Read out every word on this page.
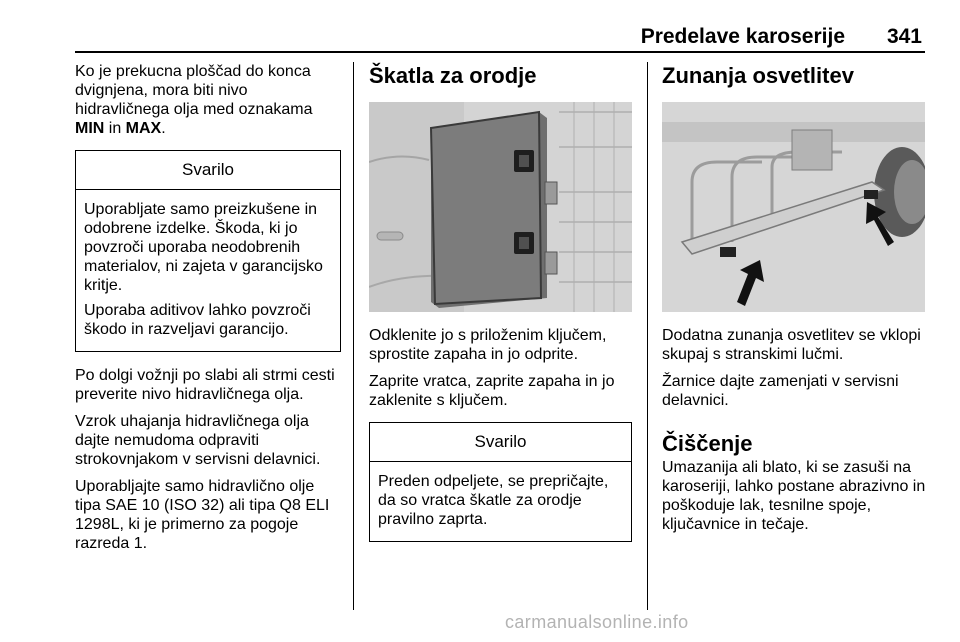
Predelave karoserije 341

Ko je prekucna ploščad do konca dvignjena, mora biti nivo hidravličnega olja med oznakama MIN in MAX.

Svarilo

Uporabljate samo preizkušene in odobrene izdelke. Škoda, ki jo povzroči uporaba neodobrenih materialov, ni zajeta v garancijsko kritje.

Uporaba aditivov lahko povzroči škodo in razveljavi garancijo.

Po dolgi vožnji po slabi ali strmi cesti preverite nivo hidravličnega olja.

Vzrok uhajanja hidravličnega olja dajte nemudoma odpraviti strokovnjakom v servisni delavnici.

Uporabljajte samo hidravlično olje tipa SAE 10 (ISO 32) ali tipa Q8 ELI 1298L, ki je primerno za pogoje razreda 1.

Škatla za orodje

Odklenite jo s priloženim ključem, sprostite zapaha in jo odprite.

Zaprite vratca, zaprite zapaha in jo zaklenite s ključem.

Svarilo

Preden odpeljete, se prepričajte, da so vratca škatle za orodje pravilno zaprta.

Zunanja osvetlitev

Dodatna zunanja osvetlitev se vklopi skupaj s stranskimi lučmi.

Žarnice dajte zamenjati v servisni delavnici.

Čiščenje

Umazanija ali blato, ki se zasuši na karoseriji, lahko postane abrazivno in poškoduje lak, tesnilne spoje, ključavnice in tečaje.

carmanualsonline.info
